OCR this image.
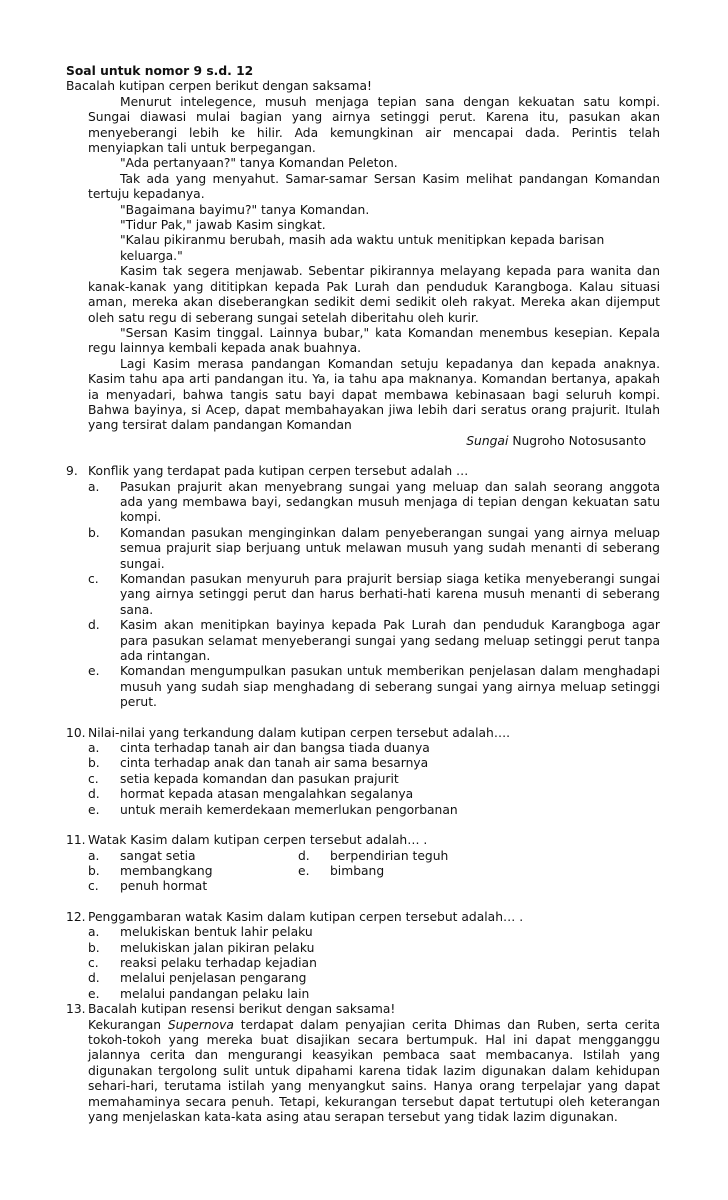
Soal untuk nomor 9 s.d. 12

Bacalah kutipan cerpen berikut dengan saksama!

Menurut intelegence, musuh menjaga tepian sana dengan kekuatan satu kompi. Sungai diawasi mulai bagian yang airnya setinggi perut. Karena itu, pasukan akan menyeberangi lebih ke hilir. Ada kemungkinan air mencapai dada. Perintis telah menyiapkan tali untuk berpegangan.

"Ada pertanyaan?" tanya Komandan Peleton.

Tak ada yang menyahut. Samar-samar Sersan Kasim melihat pandangan Komandan tertuju kepadanya.

"Bagaimana bayimu?" tanya Komandan.

"Tidur Pak," jawab Kasim singkat.

"Kalau pikiranmu berubah, masih ada waktu untuk menitipkan kepada barisan keluarga."

Kasim tak segera menjawab. Sebentar pikirannya melayang kepada para wanita dan kanak-kanak yang dititipkan kepada Pak Lurah dan penduduk Karangboga. Kalau situasi aman, mereka akan diseberangkan sedikit demi sedikit oleh rakyat. Mereka akan dijemput oleh satu regu di seberang sungai setelah diberitahu oleh kurir.

"Sersan Kasim tinggal. Lainnya bubar," kata Komandan menembus kesepian. Kepala regu lainnya kembali kepada anak buahnya.

Lagi Kasim merasa pandangan Komandan setuju kepadanya dan kepada anaknya. Kasim tahu apa arti pandangan itu. Ya, ia tahu apa maknanya. Komandan bertanya, apakah ia menyadari, bahwa tangis satu bayi dapat membawa kebinasaan bagi seluruh kompi. Bahwa bayinya, si Acep, dapat membahayakan jiwa lebih dari seratus orang prajurit. Itulah yang tersirat dalam pandangan Komandan

Sungai Nugroho Notosusanto

9. Konflik yang terdapat pada kutipan cerpen tersebut adalah …
a.	Pasukan prajurit akan menyebrang sungai yang meluap dan salah seorang anggota ada yang membawa bayi, sedangkan musuh menjaga di tepian dengan kekuatan satu kompi.
b.	Komandan pasukan menginginkan dalam penyeberangan sungai yang airnya meluap semua prajurit siap berjuang untuk melawan musuh yang sudah menanti di seberang sungai.
c.	Komandan pasukan menyuruh para prajurit bersiap siaga ketika menyeberangi sungai yang airnya setinggi perut dan harus berhati-hati karena musuh menanti di seberang sana.
d.	Kasim akan menitipkan bayinya kepada Pak Lurah dan penduduk Karangboga agar para pasukan selamat menyeberangi sungai yang sedang meluap setinggi perut tanpa ada rintangan.
e.	Komandan mengumpulkan pasukan untuk memberikan penjelasan dalam menghadapi musuh yang sudah siap menghadang di seberang sungai yang airnya meluap setinggi perut.
10. Nilai-nilai yang terkandung dalam kutipan cerpen tersebut adalah….
a.	cinta terhadap tanah air dan bangsa tiada duanya
b.	cinta terhadap anak dan tanah air sama besarnya
c.	setia kepada komandan dan pasukan prajurit
d.	hormat kepada atasan mengalahkan segalanya
e.	untuk meraih kemerdekaan memerlukan pengorbanan
11. Watak Kasim dalam kutipan cerpen tersebut adalah… .
a.	sangat setia	d.	berpendirian teguh
b.	membangkang	e.	bimbang
c.	penuh hormat
12. Penggambaran watak Kasim dalam kutipan cerpen tersebut adalah… .
a.	melukiskan bentuk lahir pelaku
b.	melukiskan jalan pikiran pelaku
c.	reaksi pelaku terhadap kejadian
d.	melalui penjelasan pengarang
e.	melalui pandangan pelaku lain
13. Bacalah kutipan resensi berikut dengan saksama!

Kekurangan Supernova terdapat dalam penyajian cerita Dhimas dan Ruben, serta cerita tokoh-tokoh yang mereka buat disajikan secara bertumpuk. Hal ini dapat mengganggu jalannya cerita dan mengurangi keasyikan pembaca saat membacanya. Istilah yang digunakan tergolong sulit untuk dipahami karena tidak lazim digunakan dalam kehidupan sehari-hari, terutama istilah yang menyangkut sains. Hanya orang terpelajar yang dapat memahaminya secara penuh. Tetapi, kekurangan tersebut dapat tertutupi oleh keterangan yang menjelaskan kata-kata asing atau serapan tersebut yang tidak lazim digunakan.
